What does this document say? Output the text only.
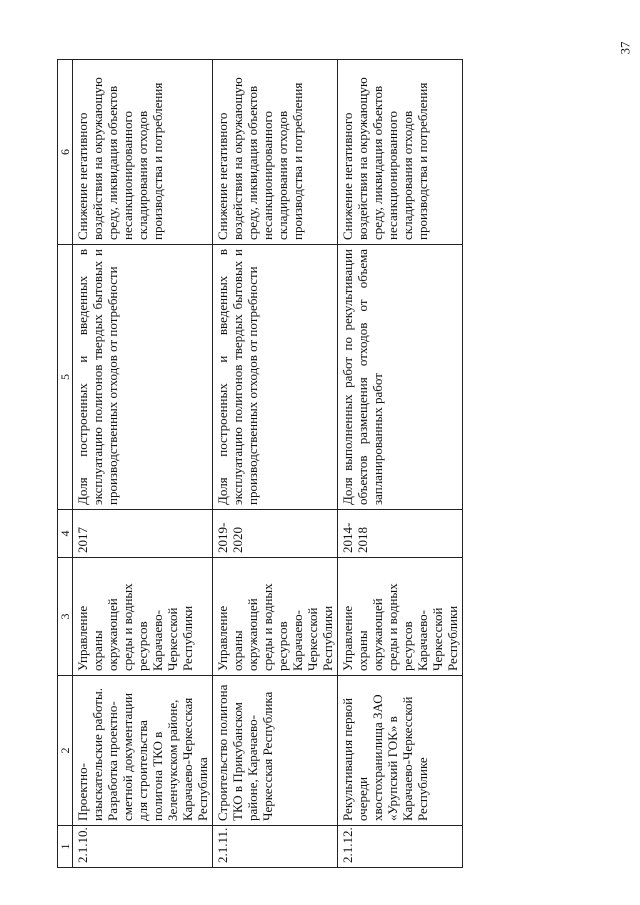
37
1	2	3	4	5	6
2.1.10.	Проектно-изыскательские работы. Разработка проектно-сметной документации для строительства полигона ТКО в Зеленчукском районе, Карачаево-Черкесская Республика	Управление охраны окружающей среды и водных ресурсов Карачаево-Черкесской Республики	2017	Доля построенных и введенных в эксплуатацию полигонов твердых бытовых и производственных отходов от потребности	Снижение негативного воздействия на окружающую среду, ликвидация объектов несанкционированного складирования отходов производства и потребления
2.1.11.	Строительство полигона ТКО в Прикубанском районе, Карачаево-Черкесская Республика	Управление охраны окружающей среды и водных ресурсов Карачаево-Черкесской Республики	2019-2020	Доля построенных и введенных в эксплуатацию полигонов твердых бытовых и производственных отходов от потребности	Снижение негативного воздействия на окружающую среду, ликвидация объектов несанкционированного складирования отходов производства и потребления
2.1.12.	Рекультивация первой очереди хвостохранилища ЗАО «Урупский ГОК» в Карачаево-Черкесской Республике	Управление охраны окружающей среды и водных ресурсов Карачаево-Черкесской Республики	2014-2018	Доля выполненных работ по рекультивации объектов размещения отходов от объема запланированных работ	Снижение негативного воздействия на окружающую среду, ликвидация объектов несанкционированного складирования отходов производства и потребления
